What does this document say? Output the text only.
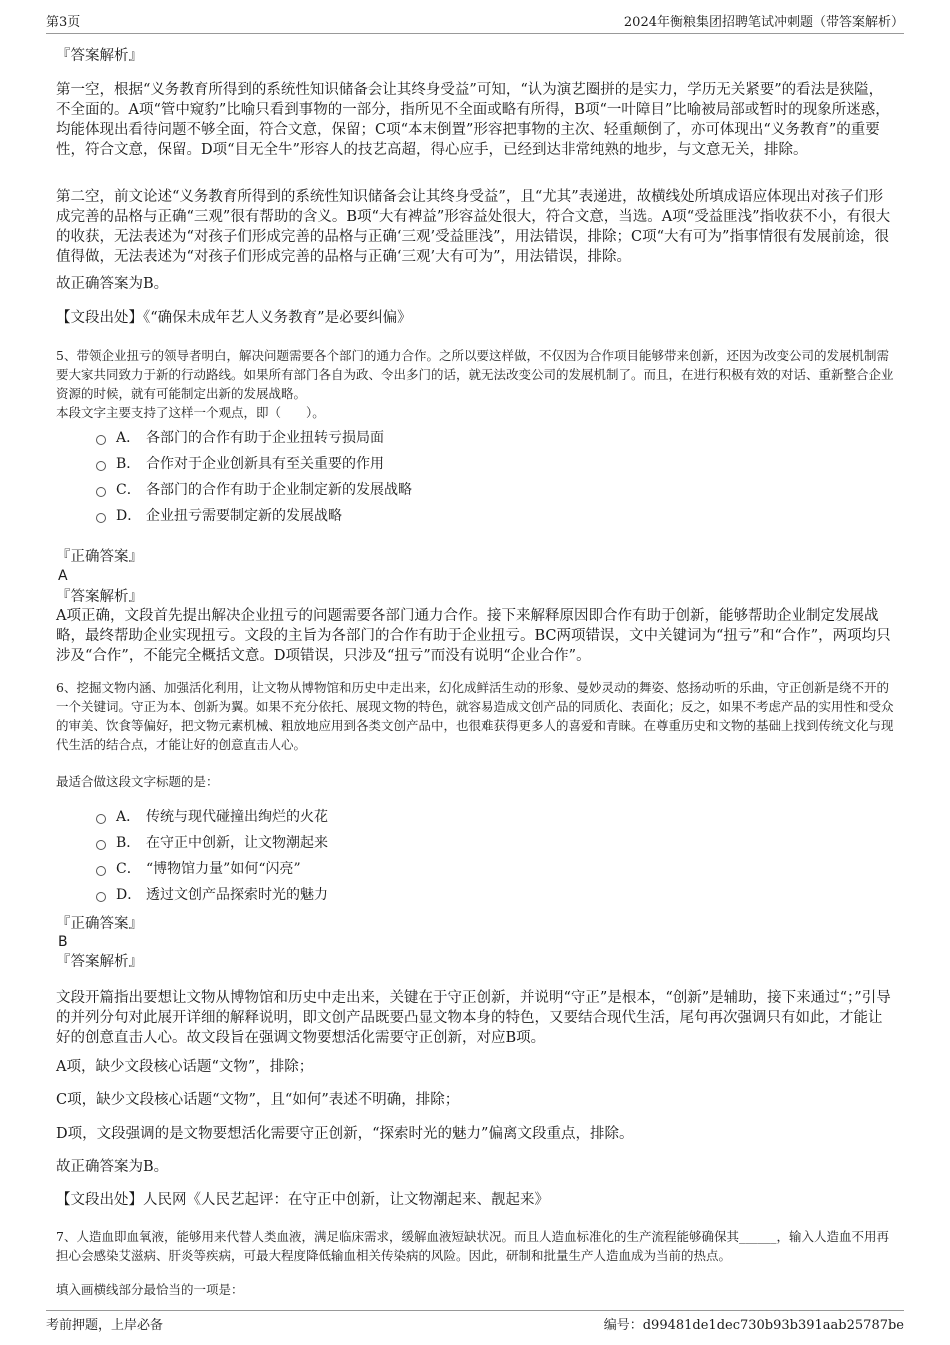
第3页	2024年衡粮集团招聘笔试冲刺题（带答案解析）
『答案解析』
第一空，根据“义务教育所得到的系统性知识储备会让其终身受益”可知，“认为演艺圈拼的是实力，学历无关紧要”的看法是狭隘，不全面的。A项“管中窥豹”比喻只看到事物的一部分，指所见不全面或略有所得，B项“一叶障目”比喻被局部或暂时的现象所迷惑，均能体现出看待问题不够全面，符合文意，保留；C项“本末倒置”形容把事物的主次、轻重颠倒了，亦可体现出“义务教育”的重要性，符合文意，保留。D项“目无全牛”形容人的技艺高超，得心应手，已经到达非常纯熟的地步，与文意无关，排除。
第二空，前文论述“义务教育所得到的系统性知识储备会让其终身受益”，且“尤其”表递进，故横线处所填成语应体现出对孩子们形成完善的品格与正确“三观”很有帮助的含义。B项“大有裨益”形容益处很大，符合文意，当选。A项“受益匪浅”指收获不小，有很大的收获，无法表述为“对孩子们形成完善的品格与正确‘三观’受益匪浅”，用法错误，排除；C项“大有可为”指事情很有发展前途，很值得做，无法表述为“对孩子们形成完善的品格与正确‘三观’大有可为”，用法错误，排除。
故正确答案为B。
【文段出处】《“确保未成年艺人义务教育”是必要纠偏》
5、带领企业扭亏的领导者明白，解决问题需要各个部门的通力合作。之所以要这样做，不仅因为合作项目能够带来创新，还因为改变公司的发展机制需要大家共同致力于新的行动路线。如果所有部门各自为政、令出多门的话，就无法改变公司的发展机制了。而且，在进行积极有效的对话、重新整合企业资源的时候，就有可能制定出新的发展战略。
本段文字主要支持了这样一个观点，即（　　）。
A． 各部门的合作有助于企业扭转亏损局面
B． 合作对于企业创新具有至关重要的作用
C． 各部门的合作有助于企业制定新的发展战略
D． 企业扭亏需要制定新的发展战略
『正确答案』
A
『答案解析』
A项正确，文段首先提出解决企业扭亏的问题需要各部门通力合作。接下来解释原因即合作有助于创新，能够帮助企业制定发展战略，最终帮助企业实现扭亏。文段的主旨为各部门的合作有助于企业扭亏。BC两项错误，文中关键词为“扭亏”和“合作”，两项均只涉及“合作”，不能完全概括文意。D项错误，只涉及“扭亏”而没有说明“企业合作”。
6、挖掘文物内涵、加强活化利用，让文物从博物馆和历史中走出来，幻化成鲜活生动的形象、曼妙灵动的舞姿、悠扬动听的乐曲，守正创新是绕不开的一个关键词。守正为本、创新为翼。如果不充分依托、展现文物的特色，就容易造成文创产品的同质化、表面化；反之，如果不考虑产品的实用性和受众的审美、饮食等偏好，把文物元素机械、粗放地应用到各类文创产品中，也很难获得更多人的喜爱和青睐。在尊重历史和文物的基础上找到传统文化与现代生活的结合点，才能让好的创意直击人心。
最适合做这段文字标题的是：
A． 传统与现代碰撞出绚烂的火花
B． 在守正中创新，让文物潮起来
C． “博物馆力量”如何“闪亮”
D． 透过文创产品探索时光的魅力
『正确答案』
B
『答案解析』
文段开篇指出要想让文物从博物馆和历史中走出来，关键在于守正创新，并说明“守正”是根本，“创新”是辅助，接下来通过“；”引导的并列分句对此展开详细的解释说明，即文创产品既要凸显文物本身的特色，又要结合现代生活，尾句再次强调只有如此，才能让好的创意直击人心。故文段旨在强调文物要想活化需要守正创新，对应B项。
A项，缺少文段核心话题“文物”，排除；
C项，缺少文段核心话题“文物”，且“如何”表述不明确，排除；
D项，文段强调的是文物要想活化需要守正创新，“探索时光的魅力”偏离文段重点，排除。
故正确答案为B。
【文段出处】人民网《人民艺起评：在守正中创新，让文物潮起来、靓起来》
7、人造血即血氧液，能够用来代替人类血液，满足临床需求，缓解血液短缺状况。而且人造血标准化的生产流程能够确保其______，输入人造血不用再担心会感染艾滋病、肝炎等疾病，可最大程度降低输血相关传染病的风险。因此，研制和批量生产人造血成为当前的热点。
填入画横线部分最恰当的一项是：
考前押题，上岸必备	编号：d99481de1dec730b93b391aab25787be
